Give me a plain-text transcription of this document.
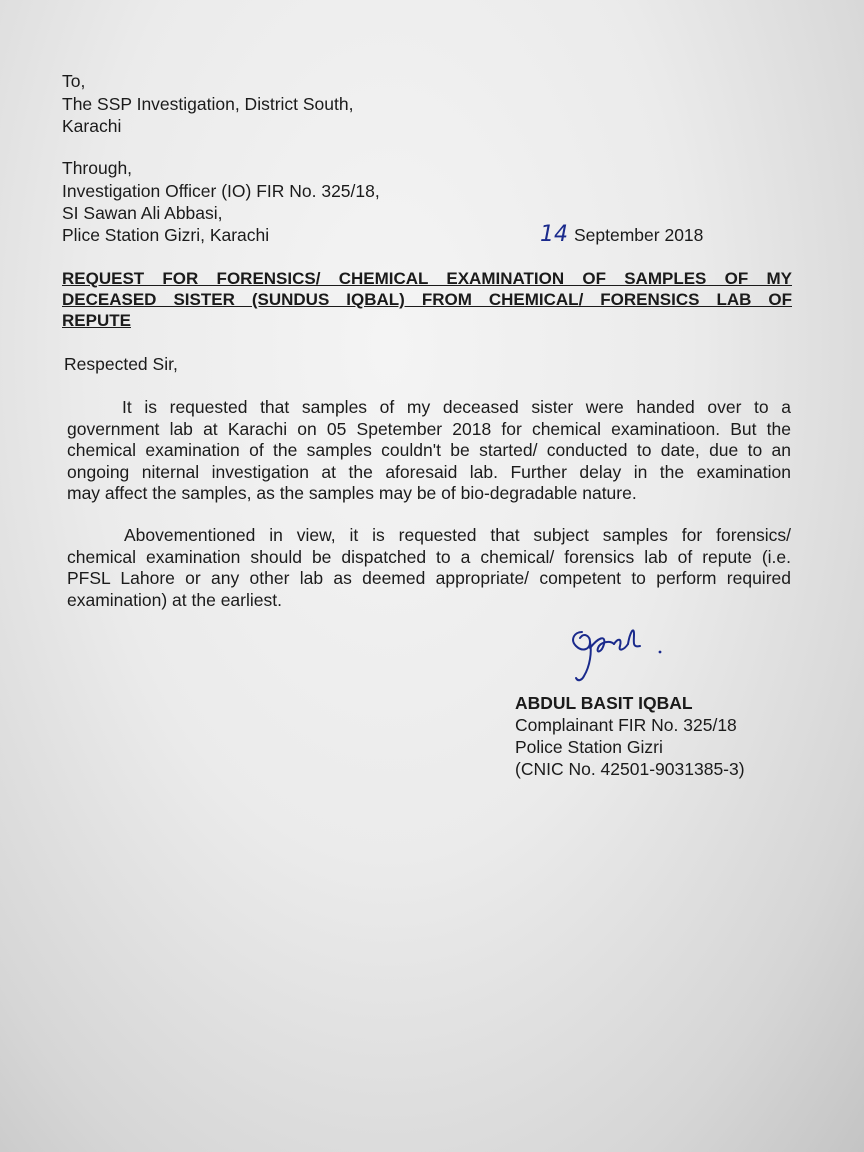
To,
The SSP Investigation, District South,
Karachi
Through,
Investigation Officer (IO) FIR No. 325/18,
SI Sawan Ali Abbasi,
Plice Station Gizri, Karachi	14 September 2018
REQUEST FOR FORENSICS/ CHEMICAL EXAMINATION OF SAMPLES OF MY
DECEASED SISTER (SUNDUS IQBAL) FROM CHEMICAL/ FORENSICS LAB OF
REPUTE
Respected Sir,
It is requested that samples of my deceased sister were handed over to a
government lab at Karachi on 05 Spetember 2018 for chemical examinatioon. But the
chemical examination of the samples couldn't be started/ conducted to date, due to an
ongoing niternal investigation at the aforesaid lab. Further delay in the examination
may affect the samples, as the samples may be of bio-degradable nature.
Abovementioned in view, it is requested that subject samples for forensics/
chemical examination should be dispatched to a chemical/ forensics lab of repute (i.e.
PFSL Lahore or any other lab as deemed appropriate/ competent to perform required
examination) at the earliest.
ABDUL BASIT IQBAL
Complainant FIR No. 325/18
Police Station Gizri
(CNIC No. 42501-9031385-3)
